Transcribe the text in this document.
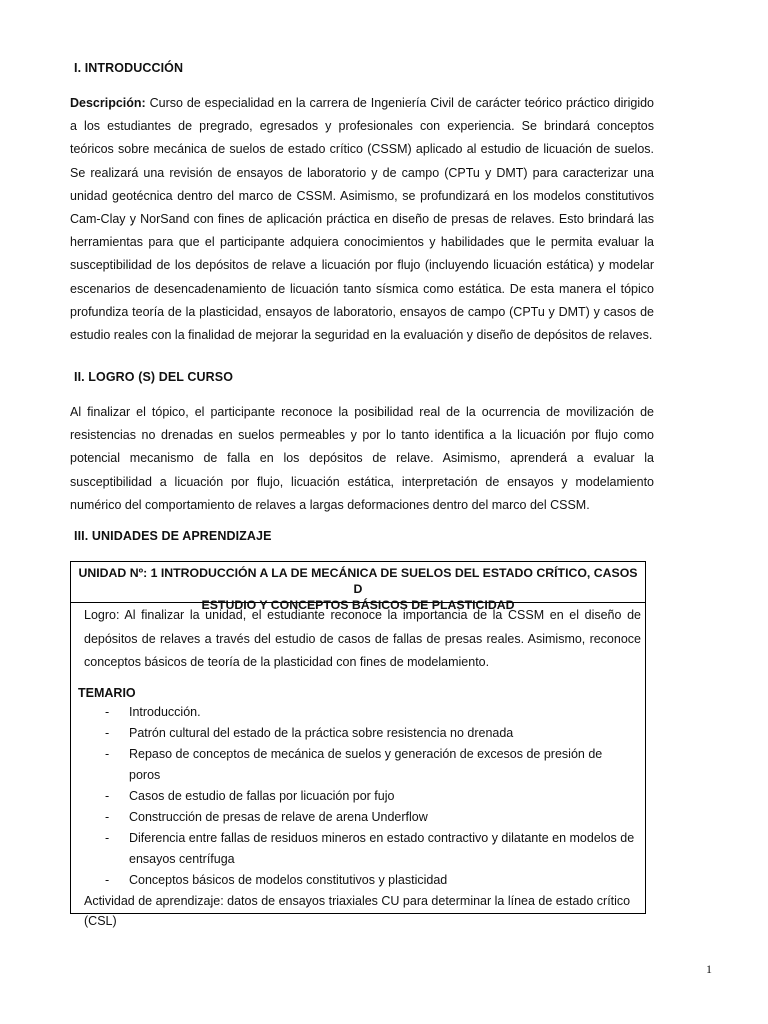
I. INTRODUCCIÓN
Descripción: Curso de especialidad en la carrera de Ingeniería Civil de carácter teórico práctico dirigido a los estudiantes de pregrado, egresados y profesionales con experiencia. Se brindará conceptos teóricos sobre mecánica de suelos de estado crítico (CSSM) aplicado al estudio de licuación de suelos. Se realizará una revisión de ensayos de laboratorio y de campo (CPTu y DMT) para caracterizar una unidad geotécnica dentro del marco de CSSM. Asimismo, se profundizará en los modelos constitutivos Cam-Clay y NorSand con fines de aplicación práctica en diseño de presas de relaves. Esto brindará las herramientas para que el participante adquiera conocimientos y habilidades que le permita evaluar la susceptibilidad de los depósitos de relave a licuación por flujo (incluyendo licuación estática) y modelar escenarios de desencadenamiento de licuación tanto sísmica como estática. De esta manera el tópico profundiza teoría de la plasticidad, ensayos de laboratorio, ensayos de campo (CPTu y DMT) y casos de estudio reales con la finalidad de mejorar la seguridad en la evaluación y diseño de depósitos de relaves.
II. LOGRO (S) DEL CURSO
Al finalizar el tópico, el participante reconoce la posibilidad real de la ocurrencia de movilización de resistencias no drenadas en suelos permeables y por lo tanto identifica a la licuación por flujo como potencial mecanismo de falla en los depósitos de relave. Asimismo, aprenderá a evaluar la susceptibilidad a licuación por flujo, licuación estática, interpretación de ensayos y modelamiento numérico del comportamiento de relaves a largas deformaciones dentro del marco del CSSM.
III. UNIDADES DE APRENDIZAJE
UNIDAD Nº: 1 INTRODUCCIÓN A LA DE MECÁNICA DE SUELOS DEL ESTADO CRÍTICO, CASOS D
ESTUDIO Y CONCEPTOS BÁSICOS DE PLASTICIDAD

Logro: Al finalizar la unidad, el estudiante reconoce la importancia de la CSSM en el diseño de depósitos de relaves a través del estudio de casos de fallas de presas reales. Asimismo, reconoce conceptos básicos de teoría de la plasticidad con fines de modelamiento.

TEMARIO
- Introducción.
- Patrón cultural del estado de la práctica sobre resistencia no drenada
- Repaso de conceptos de mecánica de suelos y generación de excesos de presión de poros
- Casos de estudio de fallas por licuación por fujo
- Construcción de presas de relave de arena Underflow
- Diferencia entre fallas de residuos mineros en estado contractivo y dilatante en modelos de ensayos centrífuga
- Conceptos básicos de modelos constitutivos y plasticidad

Actividad de aprendizaje: datos de ensayos triaxiales CU para determinar la línea de estado crítico (CSL)

1
